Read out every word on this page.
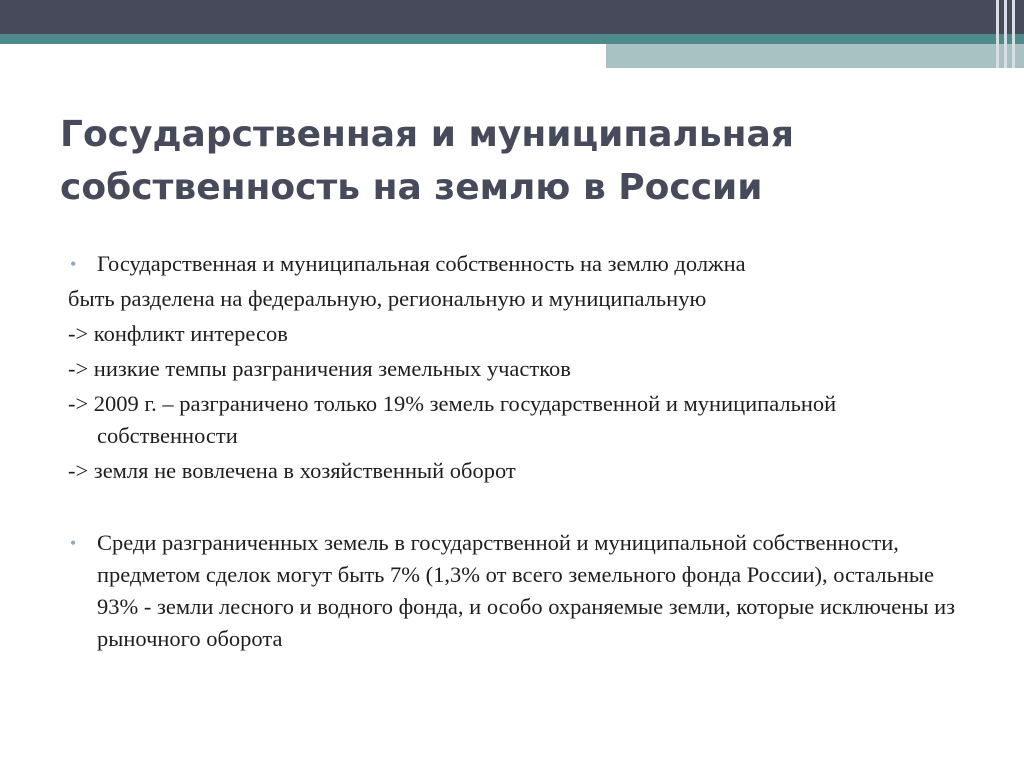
Государственная и муниципальная собственность на землю в России
• Государственная и муниципальная собственность на землю должна
быть разделена на федеральную, региональную и муниципальную
-> конфликт интересов
-> низкие темпы разграничения земельных участков
-> 2009 г. – разграничено только 19% земель государственной и муниципальной собственности
-> земля не вовлечена в хозяйственный оборот
• Среди разграниченных земель в государственной и муниципальной собственности, предметом сделок могут быть 7% (1,3% от всего земельного фонда России), остальные 93% - земли лесного и водного фонда, и особо охраняемые земли, которые исключены из рыночного оборота
